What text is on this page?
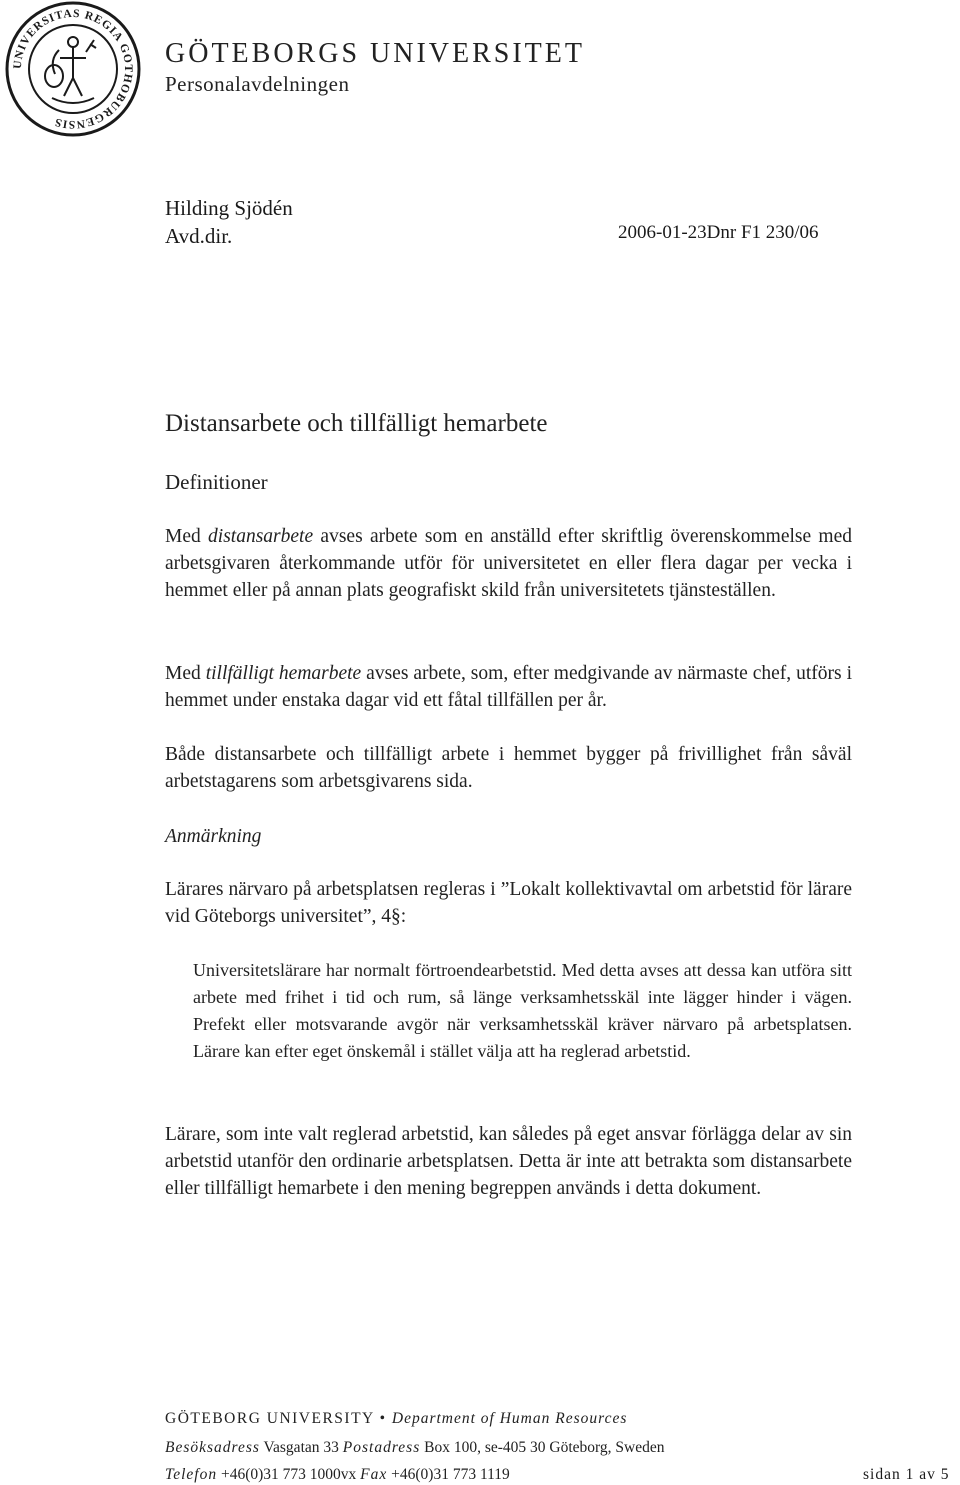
UNIVERSITAS REGIA GOTHOBURGENSIS
GÖTEBORGS UNIVERSITET
Personalavdelningen
Hilding Sjödén
Avd.dir.	2006-01-23Dnr F1 230/06
Distansarbete och tillfälligt hemarbete
Definitioner
Med distansarbete avses arbete som en anställd efter skriftlig överenskommelse med arbetsgivaren återkommande utför för universitetet en eller flera dagar per vecka i hemmet eller på annan plats geografiskt skild från universitetets tjänsteställen.
Med tillfälligt hemarbete avses arbete, som, efter medgivande av närmaste chef, utförs i hemmet under enstaka dagar vid ett fåtal tillfällen per år.
Både distansarbete och tillfälligt arbete i hemmet bygger på frivillighet från såväl arbetstagarens som arbetsgivarens sida.
Anmärkning
Lärares närvaro på arbetsplatsen regleras i ”Lokalt kollektivavtal om arbetstid för lärare vid Göteborgs universitet”, 4§:
Universitetslärare har normalt förtroendearbetstid. Med detta avses att dessa kan utföra sitt arbete med frihet i tid och rum, så länge verksamhetsskäl inte lägger hinder i vägen. Prefekt eller motsvarande avgör när verksamhetsskäl kräver närvaro på arbetsplatsen. Lärare kan efter eget önskemål i stället välja att ha reglerad arbetstid.
Lärare, som inte valt reglerad arbetstid, kan således på eget ansvar förlägga delar av sin arbetstid utanför den ordinarie arbetsplatsen. Detta är inte att betrakta som distansarbete eller tillfälligt hemarbete i den mening begreppen används i detta dokument.
GÖTEBORG UNIVERSITY • Department of Human Resources
Besöksadress Vasgatan 33 Postadress Box 100, se-405 30 Göteborg, Sweden
Telefon +46(0)31 773 1000vx Fax +46(0)31 773 1119	sidan 1 av 5
